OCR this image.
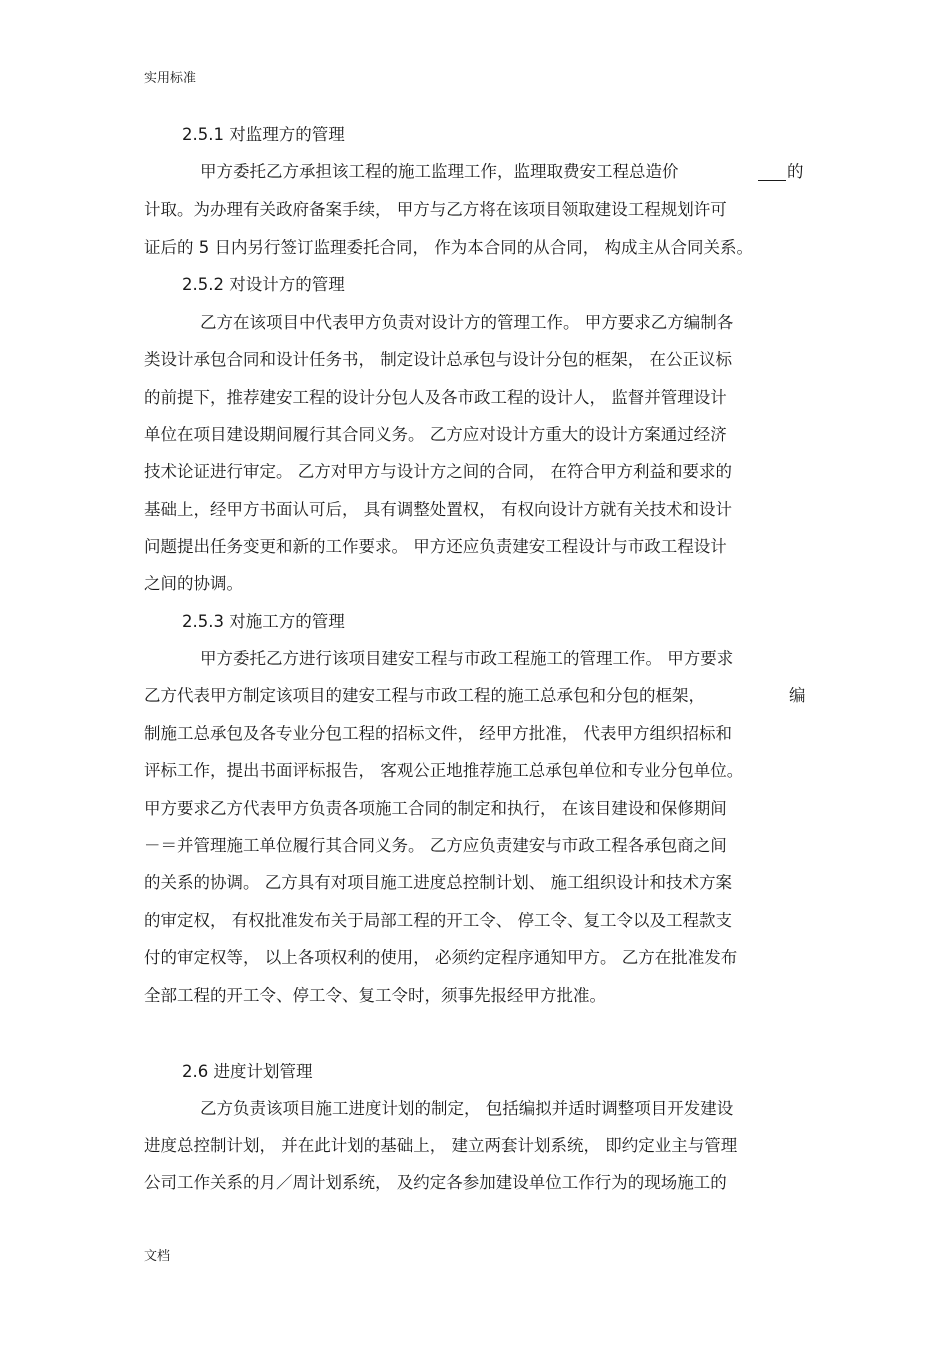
实用标准
2.5.1 对监理方的管理
甲方委托乙方承担该工程的施工监理工作，监理取费安工程总造价	的
计取。为办理有关政府备案手续， 甲方与乙方将在该项目领取建设工程规划许可
证后的 5 日内另行签订监理委托合同， 作为本合同的从合同， 构成主从合同关系。
2.5.2 对设计方的管理
乙方在该项目中代表甲方负责对设计方的管理工作。 甲方要求乙方编制各
类设计承包合同和设计任务书， 制定设计总承包与设计分包的框架， 在公正议标
的前提下，推荐建安工程的设计分包人及各市政工程的设计人， 监督并管理设计
单位在项目建设期间履行其合同义务。 乙方应对设计方重大的设计方案通过经济
技术论证进行审定。 乙方对甲方与设计方之间的合同， 在符合甲方利益和要求的
基础上，经甲方书面认可后， 具有调整处置权， 有权向设计方就有关技术和设计
问题提出任务变更和新的工作要求。 甲方还应负责建安工程设计与市政工程设计
之间的协调。
2.5.3 对施工方的管理
甲方委托乙方进行该项目建安工程与市政工程施工的管理工作。 甲方要求
乙方代表甲方制定该项目的建安工程与市政工程的施工总承包和分包的框架，	编
制施工总承包及各专业分包工程的招标文件， 经甲方批准， 代表甲方组织招标和
评标工作，提出书面评标报告， 客观公正地推荐施工总承包单位和专业分包单位。
甲方要求乙方代表甲方负责各项施工合同的制定和执行， 在该目建设和保修期间
－＝并管理施工单位履行其合同义务。 乙方应负责建安与市政工程各承包商之间
的关系的协调。 乙方具有对项目施工进度总控制计划、 施工组织设计和技术方案
的审定权， 有权批准发布关于局部工程的开工令、 停工令、复工令以及工程款支
付的审定权等， 以上各项权利的使用， 必须约定程序通知甲方。 乙方在批准发布
全部工程的开工令、停工令、复工令时，须事先报经甲方批准。
2.6 进度计划管理
乙方负责该项目施工进度计划的制定， 包括编拟并适时调整项目开发建设
进度总控制计划， 并在此计划的基础上， 建立两套计划系统， 即约定业主与管理
公司工作关系的月／周计划系统， 及约定各参加建设单位工作行为的现场施工的
文档
